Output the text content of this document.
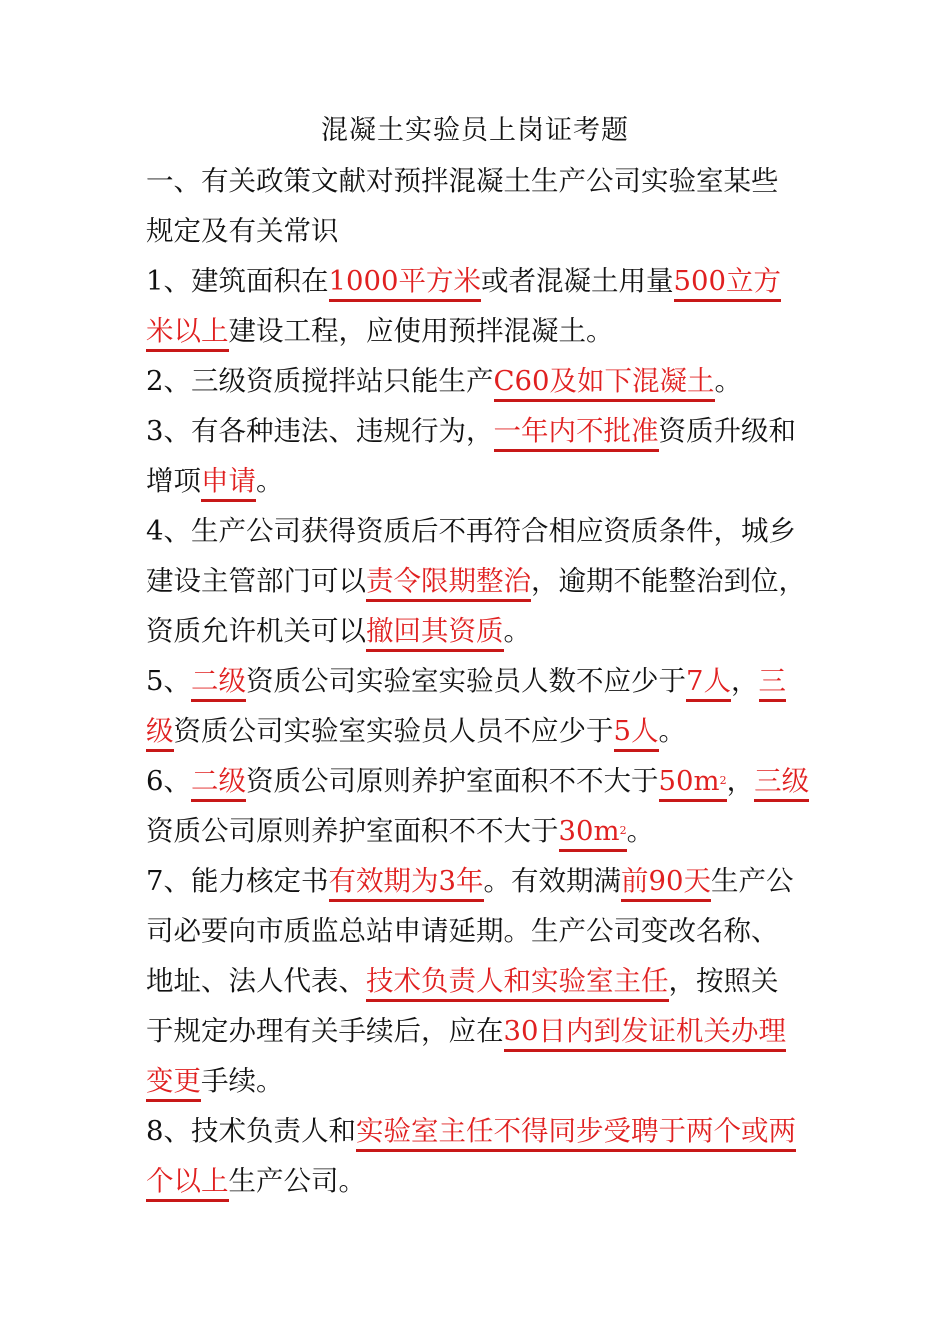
混凝土实验员上岗证考题
一、有关政策文献对预拌混凝土生产公司实验室某些
规定及有关常识
1、建筑面积在1000平方米或者混凝土用量500立方
米以上建设工程，应使用预拌混凝土。
2、三级资质搅拌站只能生产C60及如下混凝土。
3、有各种违法、违规行为，一年内不批准资质升级和
增项申请。
4、生产公司获得资质后不再符合相应资质条件，城乡
建设主管部门可以责令限期整治，逾期不能整治到位，
资质允许机关可以撤回其资质。
5、二级资质公司实验室实验员人数不应少于7人，三
级资质公司实验室实验员人员不应少于5人。
6、二级资质公司原则养护室面积不不大于$50m^2$，三级
资质公司原则养护室面积不不大于$30m^2$。
7、能力核定书有效期为3年。有效期满前90天生产公
司必要向市质监总站申请延期。生产公司变改名称、
地址、法人代表、技术负责人和实验室主任，按照关
于规定办理有关手续后，应在30日内到发证机关办理
变更手续。
8、技术负责人和实验室主任不得同步受聘于两个或两
个以上生产公司。
